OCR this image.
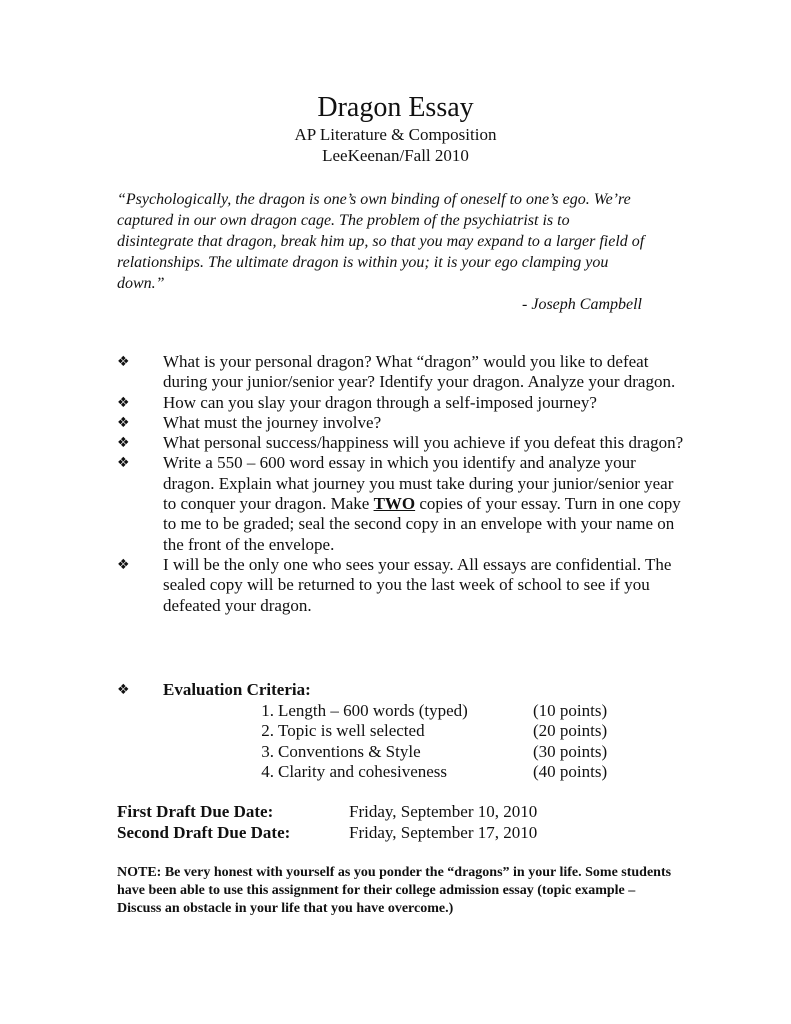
Dragon Essay
AP Literature & Composition
LeeKeenan/Fall 2010
“Psychologically, the dragon is one’s own binding of oneself to one’s ego. We’re captured in our own dragon cage. The problem of the psychiatrist is to disintegrate that dragon, break him up, so that you may expand to a larger field of relationships. The ultimate dragon is within you; it is your ego clamping you down.”
- Joseph Campbell
❖ What is your personal dragon? What “dragon” would you like to defeat during your junior/senior year? Identify your dragon. Analyze your dragon.
❖ How can you slay your dragon through a self-imposed journey?
❖ What must the journey involve?
❖ What personal success/happiness will you achieve if you defeat this dragon?
❖ Write a 550 – 600 word essay in which you identify and analyze your dragon. Explain what journey you must take during your junior/senior year to conquer your dragon. Make TWO copies of your essay. Turn in one copy to me to be graded; seal the second copy in an envelope with your name on the front of the envelope.
❖ I will be the only one who sees your essay. All essays are confidential. The sealed copy will be returned to you the last week of school to see if you defeated your dragon.
❖ Evaluation Criteria:
1. Length – 600 words (typed)	(10 points)
2. Topic is well selected	(20 points)
3. Conventions & Style	(30 points)
4. Clarity and cohesiveness	(40 points)
First Draft Due Date:	Friday, September 10, 2010
Second Draft Due Date:	Friday, September 17, 2010
NOTE: Be very honest with yourself as you ponder the “dragons” in your life. Some students have been able to use this assignment for their college admission essay (topic example – Discuss an obstacle in your life that you have overcome.)
